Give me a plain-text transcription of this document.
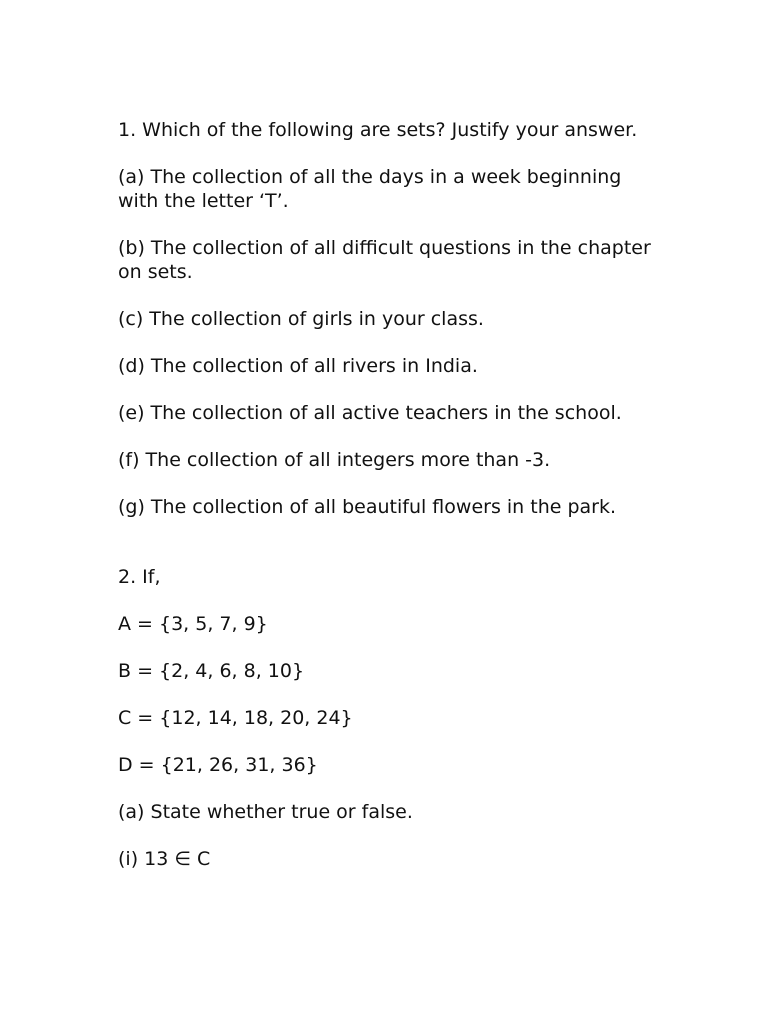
1. Which of the following are sets? Justify your answer.

(a) The collection of all the days in a week beginning with the letter ‘T’.

(b) The collection of all difficult questions in the chapter on sets.

(c) The collection of girls in your class.

(d) The collection of all rivers in India.

(e) The collection of all active teachers in the school.

(f) The collection of all integers more than -3.

(g) The collection of all beautiful flowers in the park.

2. If,

A = {3, 5, 7, 9}

B = {2, 4, 6, 8, 10}

C = {12, 14, 18, 20, 24}

D = {21, 26, 31, 36}

(a) State whether true or false.

(i) 13 ∈ C
